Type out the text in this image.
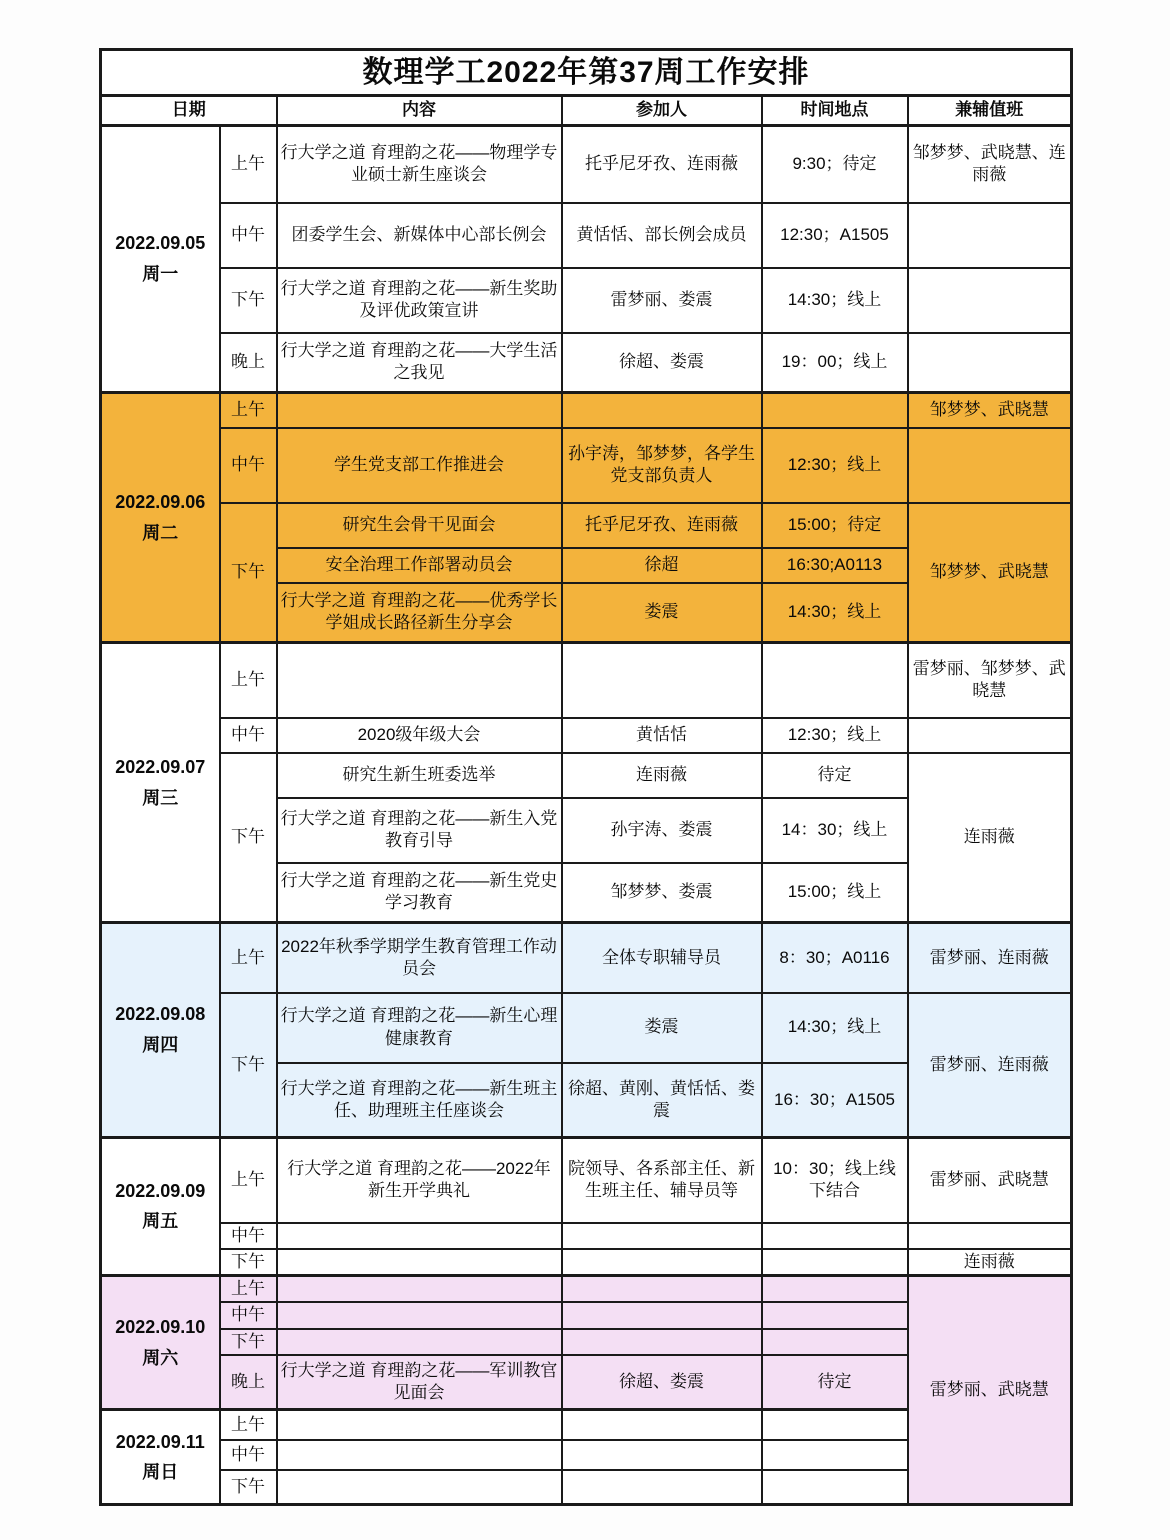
数理学工2022年第37周工作安排					
日期		内容	参加人	时间地点	兼辅值班

2022.09.05
周一	上午	行大学之道 育理韵之花——物理学专业硕士新生座谈会	托乎尼牙孜、连雨薇	9:30；待定	邹梦梦、武晓慧、连雨薇
	中午	团委学生会、新媒体中心部长例会	黄恬恬、部长例会成员	12:30；A1505	
	下午	行大学之道 育理韵之花——新生奖助及评优政策宣讲	雷梦丽、娄震	14:30；线上	
	晚上	行大学之道 育理韵之花——大学生活之我见	徐超、娄震	19：00；线上	

2022.09.06
周二	上午				邹梦梦、武晓慧
	中午	学生党支部工作推进会	孙宇涛，邹梦梦，各学生党支部负责人	12:30；线上	
	下午	研究生会骨干见面会	托乎尼牙孜、连雨薇	15:00；待定	邹梦梦、武晓慧
		安全治理工作部署动员会	徐超	16:30;A0113	
		行大学之道 育理韵之花——优秀学长学姐成长路径新生分享会	娄震	14:30；线上	

2022.09.07
周三	上午				雷梦丽、邹梦梦、武晓慧
	中午	2020级年级大会	黄恬恬	12:30；线上	
	下午	研究生新生班委选举	连雨薇	待定	连雨薇
		行大学之道 育理韵之花——新生入党教育引导	孙宇涛、娄震	14：30；线上	
		行大学之道 育理韵之花——新生党史学习教育	邹梦梦、娄震	15:00；线上	

2022.09.08
周四	上午	2022年秋季学期学生教育管理工作动员会	全体专职辅导员	8：30；A0116	雷梦丽、连雨薇
	下午	行大学之道 育理韵之花——新生心理健康教育	娄震	14:30；线上	雷梦丽、连雨薇
		行大学之道 育理韵之花——新生班主任、助理班主任座谈会	徐超、黄刚、黄恬恬、娄震	16：30；A1505	

2022.09.09
周五	上午	行大学之道 育理韵之花——2022年新生开学典礼	院领导、各系部主任、新生班主任、辅导员等	10：30；线上线下结合	雷梦丽、武晓慧
	中午				
	下午				连雨薇

2022.09.10
周六	上午				雷梦丽、武晓慧
	中午				
	下午				
	晚上	行大学之道 育理韵之花——军训教官见面会	徐超、娄震	待定	

2022.09.11
周日	上午				
	中午				
	下午				
